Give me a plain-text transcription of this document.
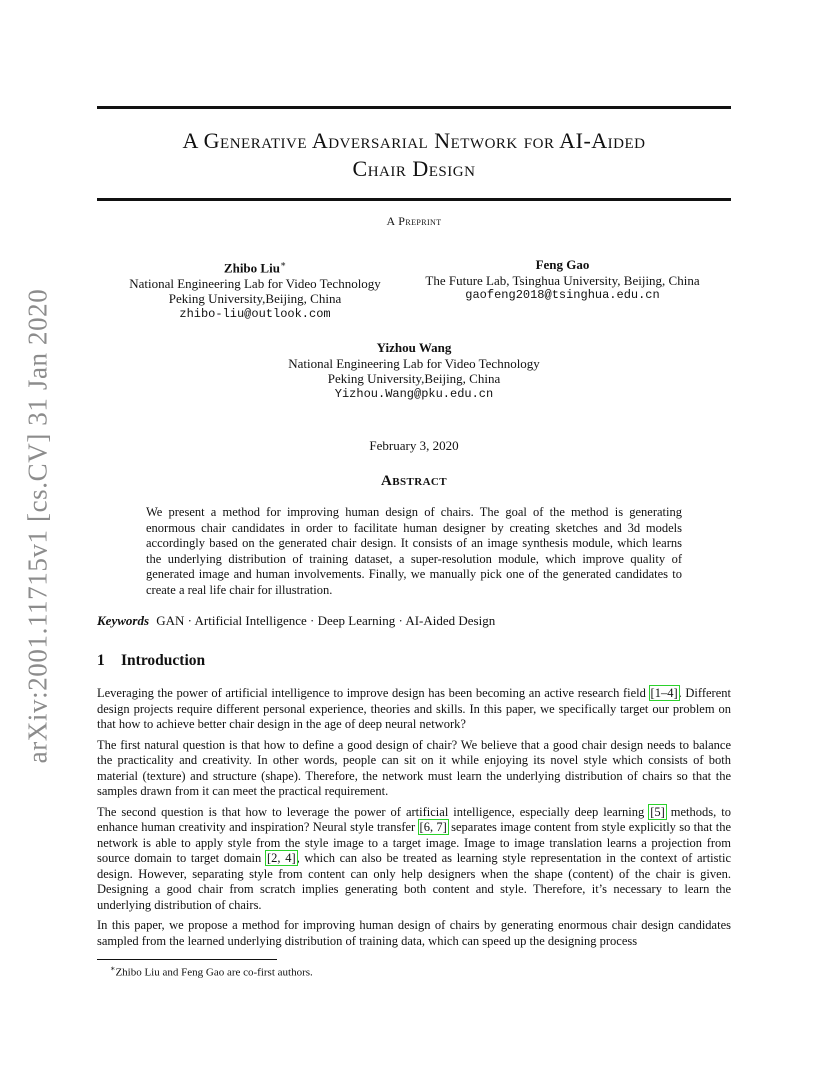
A Generative Adversarial Network for AI-Aided
Chair Design
A Preprint
Zhibo Liu∗
National Engineering Lab for Video Technology
Peking University,Beijing, China
zhibo-liu@outlook.com
Feng Gao
The Future Lab, Tsinghua University, Beijing, China
gaofeng2018@tsinghua.edu.cn
Yizhou Wang
National Engineering Lab for Video Technology
Peking University,Beijing, China
Yizhou.Wang@pku.edu.cn
February 3, 2020
Abstract
We present a method for improving human design of chairs. The goal of the method is generating enormous chair candidates in order to facilitate human designer by creating sketches and 3d models accordingly based on the generated chair design. It consists of an image synthesis module, which learns the underlying distribution of training dataset, a super-resolution module, which improve quality of generated image and human involvements. Finally, we manually pick one of the generated candidates to create a real life chair for illustration.
Keywords GAN · Artificial Intelligence · Deep Learning · AI-Aided Design
1 Introduction

Leveraging the power of artificial intelligence to improve design has been becoming an active research field [1–4]. Different design projects require different personal experience, theories and skills. In this paper, we specifically target our problem on that how to achieve better chair design in the age of deep neural network?

The first natural question is that how to define a good design of chair? We believe that a good chair design needs to balance the practicality and creativity. In other words, people can sit on it while enjoying its novel style which consists of both material (texture) and structure (shape). Therefore, the network must learn the underlying distribution of chairs so that the samples drawn from it can meet the practical requirement.

The second question is that how to leverage the power of artificial intelligence, especially deep learning [5] methods, to enhance human creativity and inspiration? Neural style transfer [6, 7] separates image content from style explicitly so that the network is able to apply style from the style image to a target image. Image to image translation learns a projection from source domain to target domain [2, 4], which can also be treated as learning style representation in the context of artistic design. However, separating style from content can only help designers when the shape (content) of the chair is given. Designing a good chair from scratch implies generating both content and style. Therefore, it’s necessary to learn the underlying distribution of chairs.

In this paper, we propose a method for improving human design of chairs by generating enormous chair design candidates sampled from the learned underlying distribution of training data, which can speed up the designing process

∗Zhibo Liu and Feng Gao are co-first authors.
arXiv:2001.11715v1 [cs.CV] 31 Jan 2020
